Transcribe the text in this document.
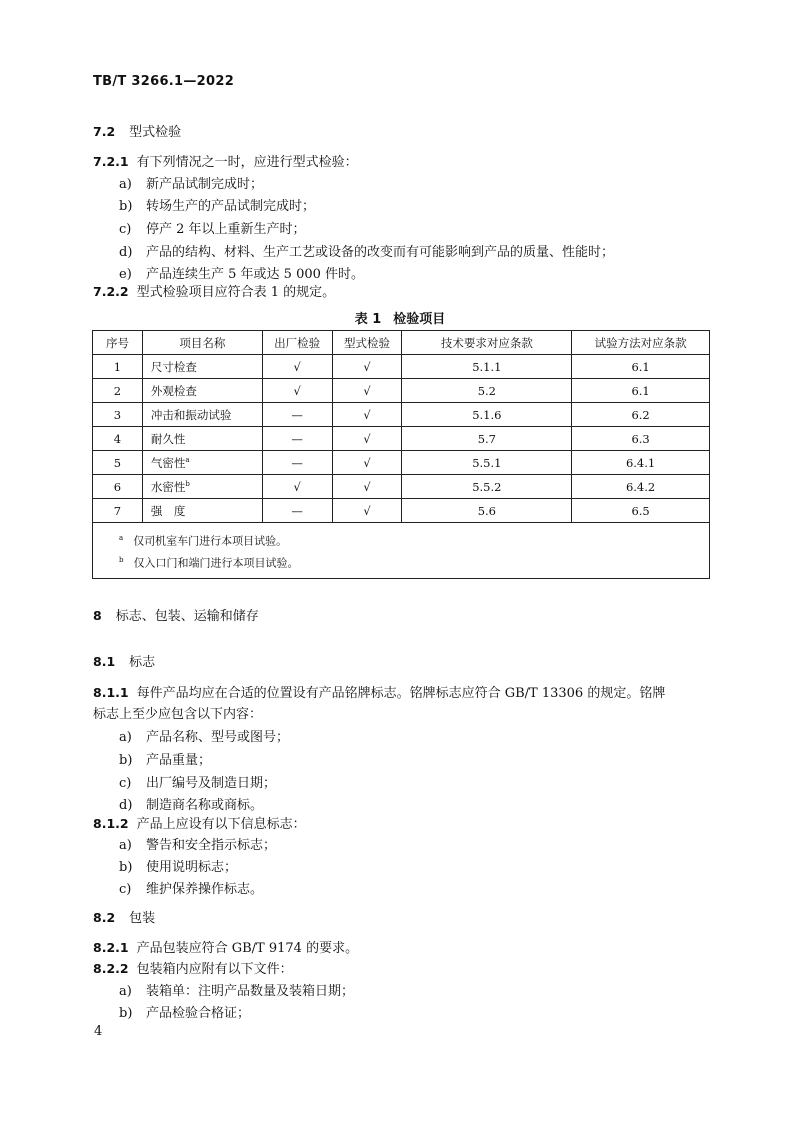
TB/T 3266.1—2022
7.2 型式检验
7.2.1 有下列情况之一时，应进行型式检验：
a) 新产品试制完成时；
b) 转场生产的产品试制完成时；
c) 停产 2 年以上重新生产时；
d) 产品的结构、材料、生产工艺或设备的改变而有可能影响到产品的质量、性能时；
e) 产品连续生产 5 年或达 5 000 件时。
7.2.2 型式检验项目应符合表 1 的规定。
表 1 检验项目
序号	项目名称	出厂检验	型式检验	技术要求对应条款	试验方法对应条款
1	尺寸检查	√	√	5.1.1	6.1
2	外观检查	√	√	5.2	6.1
3	冲击和振动试验	—	√	5.1.6	6.2
4	耐久性	—	√	5.7	6.3
5	气密性$^a$	—	√	5.5.1	6.4.1
6	水密性$^b$	√	√	5.5.2	6.4.2
7	强　度	—	√	5.6	6.5

$^a$ 仅司机室车门进行本项目试验。
$^b$ 仅入口门和端门进行本项目试验。					
8 标志、包装、运输和储存
8.1 标志
8.1.1 每件产品均应在合适的位置设有产品铭牌标志。铭牌标志应符合 GB/T 13306 的规定。铭牌
标志上至少应包含以下内容：
a) 产品名称、型号或图号；
b) 产品重量；
c) 出厂编号及制造日期；
d) 制造商名称或商标。
8.1.2 产品上应设有以下信息标志：
a) 警告和安全指示标志；
b) 使用说明标志；
c) 维护保养操作标志。
8.2 包装
8.2.1 产品包装应符合 GB/T 9174 的要求。
8.2.2 包装箱内应附有以下文件：
a) 装箱单：注明产品数量及装箱日期；
b) 产品检验合格证；
4
